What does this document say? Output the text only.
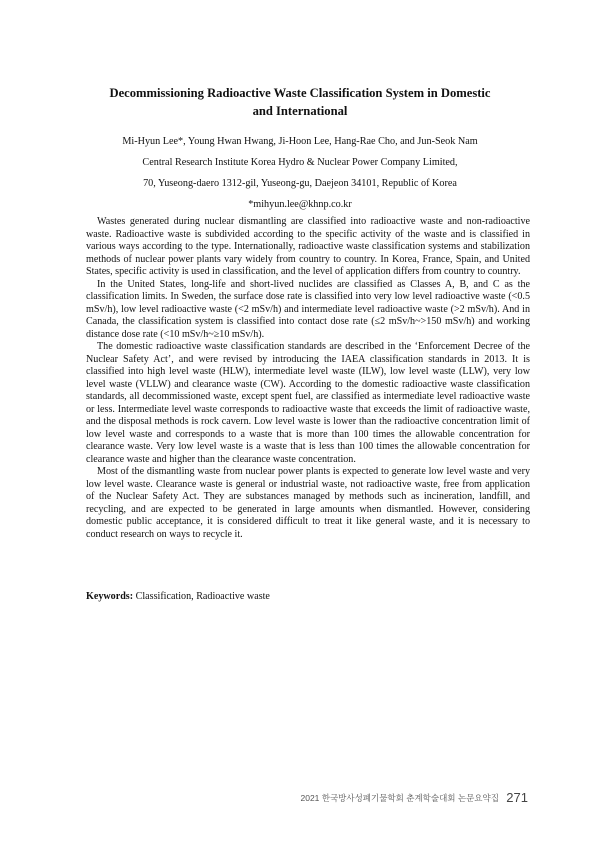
Decommissioning Radioactive Waste Classification System in Domestic
and International
Mi-Hyun Lee*, Young Hwan Hwang, Ji-Hoon Lee, Hang-Rae Cho, and Jun-Seok Nam
Central Research Institute Korea Hydro & Nuclear Power Company Limited,
70, Yuseong-daero 1312-gil, Yuseong-gu, Daejeon 34101, Republic of Korea
*mihyun.lee@khnp.co.kr

Wastes generated during nuclear dismantling are classified into radioactive waste and non-radioactive waste. Radioactive waste is subdivided according to the specific activity of the waste and is classified in various ways according to the type. Internationally, radioactive waste classification systems and stabilization methods of nuclear power plants vary widely from country to country. In Korea, France, Spain, and United States, specific activity is used in classification, and the level of application differs from country to country.

In the United States, long-life and short-lived nuclides are classified as Classes A, B, and C as the classification limits. In Sweden, the surface dose rate is classified into very low level radioactive waste (<0.5 mSv/h), low level radioactive waste (<2 mSv/h) and intermediate level radioactive waste (>2 mSv/h). And in Canada, the classification system is classified into contact dose rate (≤2 mSv/h~>150 mSv/h) and working distance dose rate (<10 mSv/h~≥10 mSv/h).

The domestic radioactive waste classification standards are described in the ‘Enforcement Decree of the Nuclear Safety Act’, and were revised by introducing the IAEA classification standards in 2013. It is classified into high level waste (HLW), intermediate level waste (ILW), low level waste (LLW), very low level waste (VLLW) and clearance waste (CW). According to the domestic radioactive waste classification standards, all decommissioned waste, except spent fuel, are classified as intermediate level radioactive waste or less. Intermediate level waste corresponds to radioactive waste that exceeds the limit of radioactive waste, and the disposal methods is rock cavern. Low level waste is lower than the radioactive concentration limit of low level waste and corresponds to a waste that is more than 100 times the allowable concentration for clearance waste. Very low level waste is a waste that is less than 100 times the allowable concentration for clearance waste and higher than the clearance waste concentration.

Most of the dismantling waste from nuclear power plants is expected to generate low level waste and very low level waste. Clearance waste is general or industrial waste, not radioactive waste, free from application of the Nuclear Safety Act. They are substances managed by methods such as incineration, landfill, and recycling, and are expected to be generated in large amounts when dismantled. However, considering domestic public acceptance, it is considered difficult to treat it like general waste, and it is necessary to conduct research on ways to recycle it.

Keywords: Classification, Radioactive waste
2021 한국방사성폐기물학회 춘계학술대회 논문요약집 271
